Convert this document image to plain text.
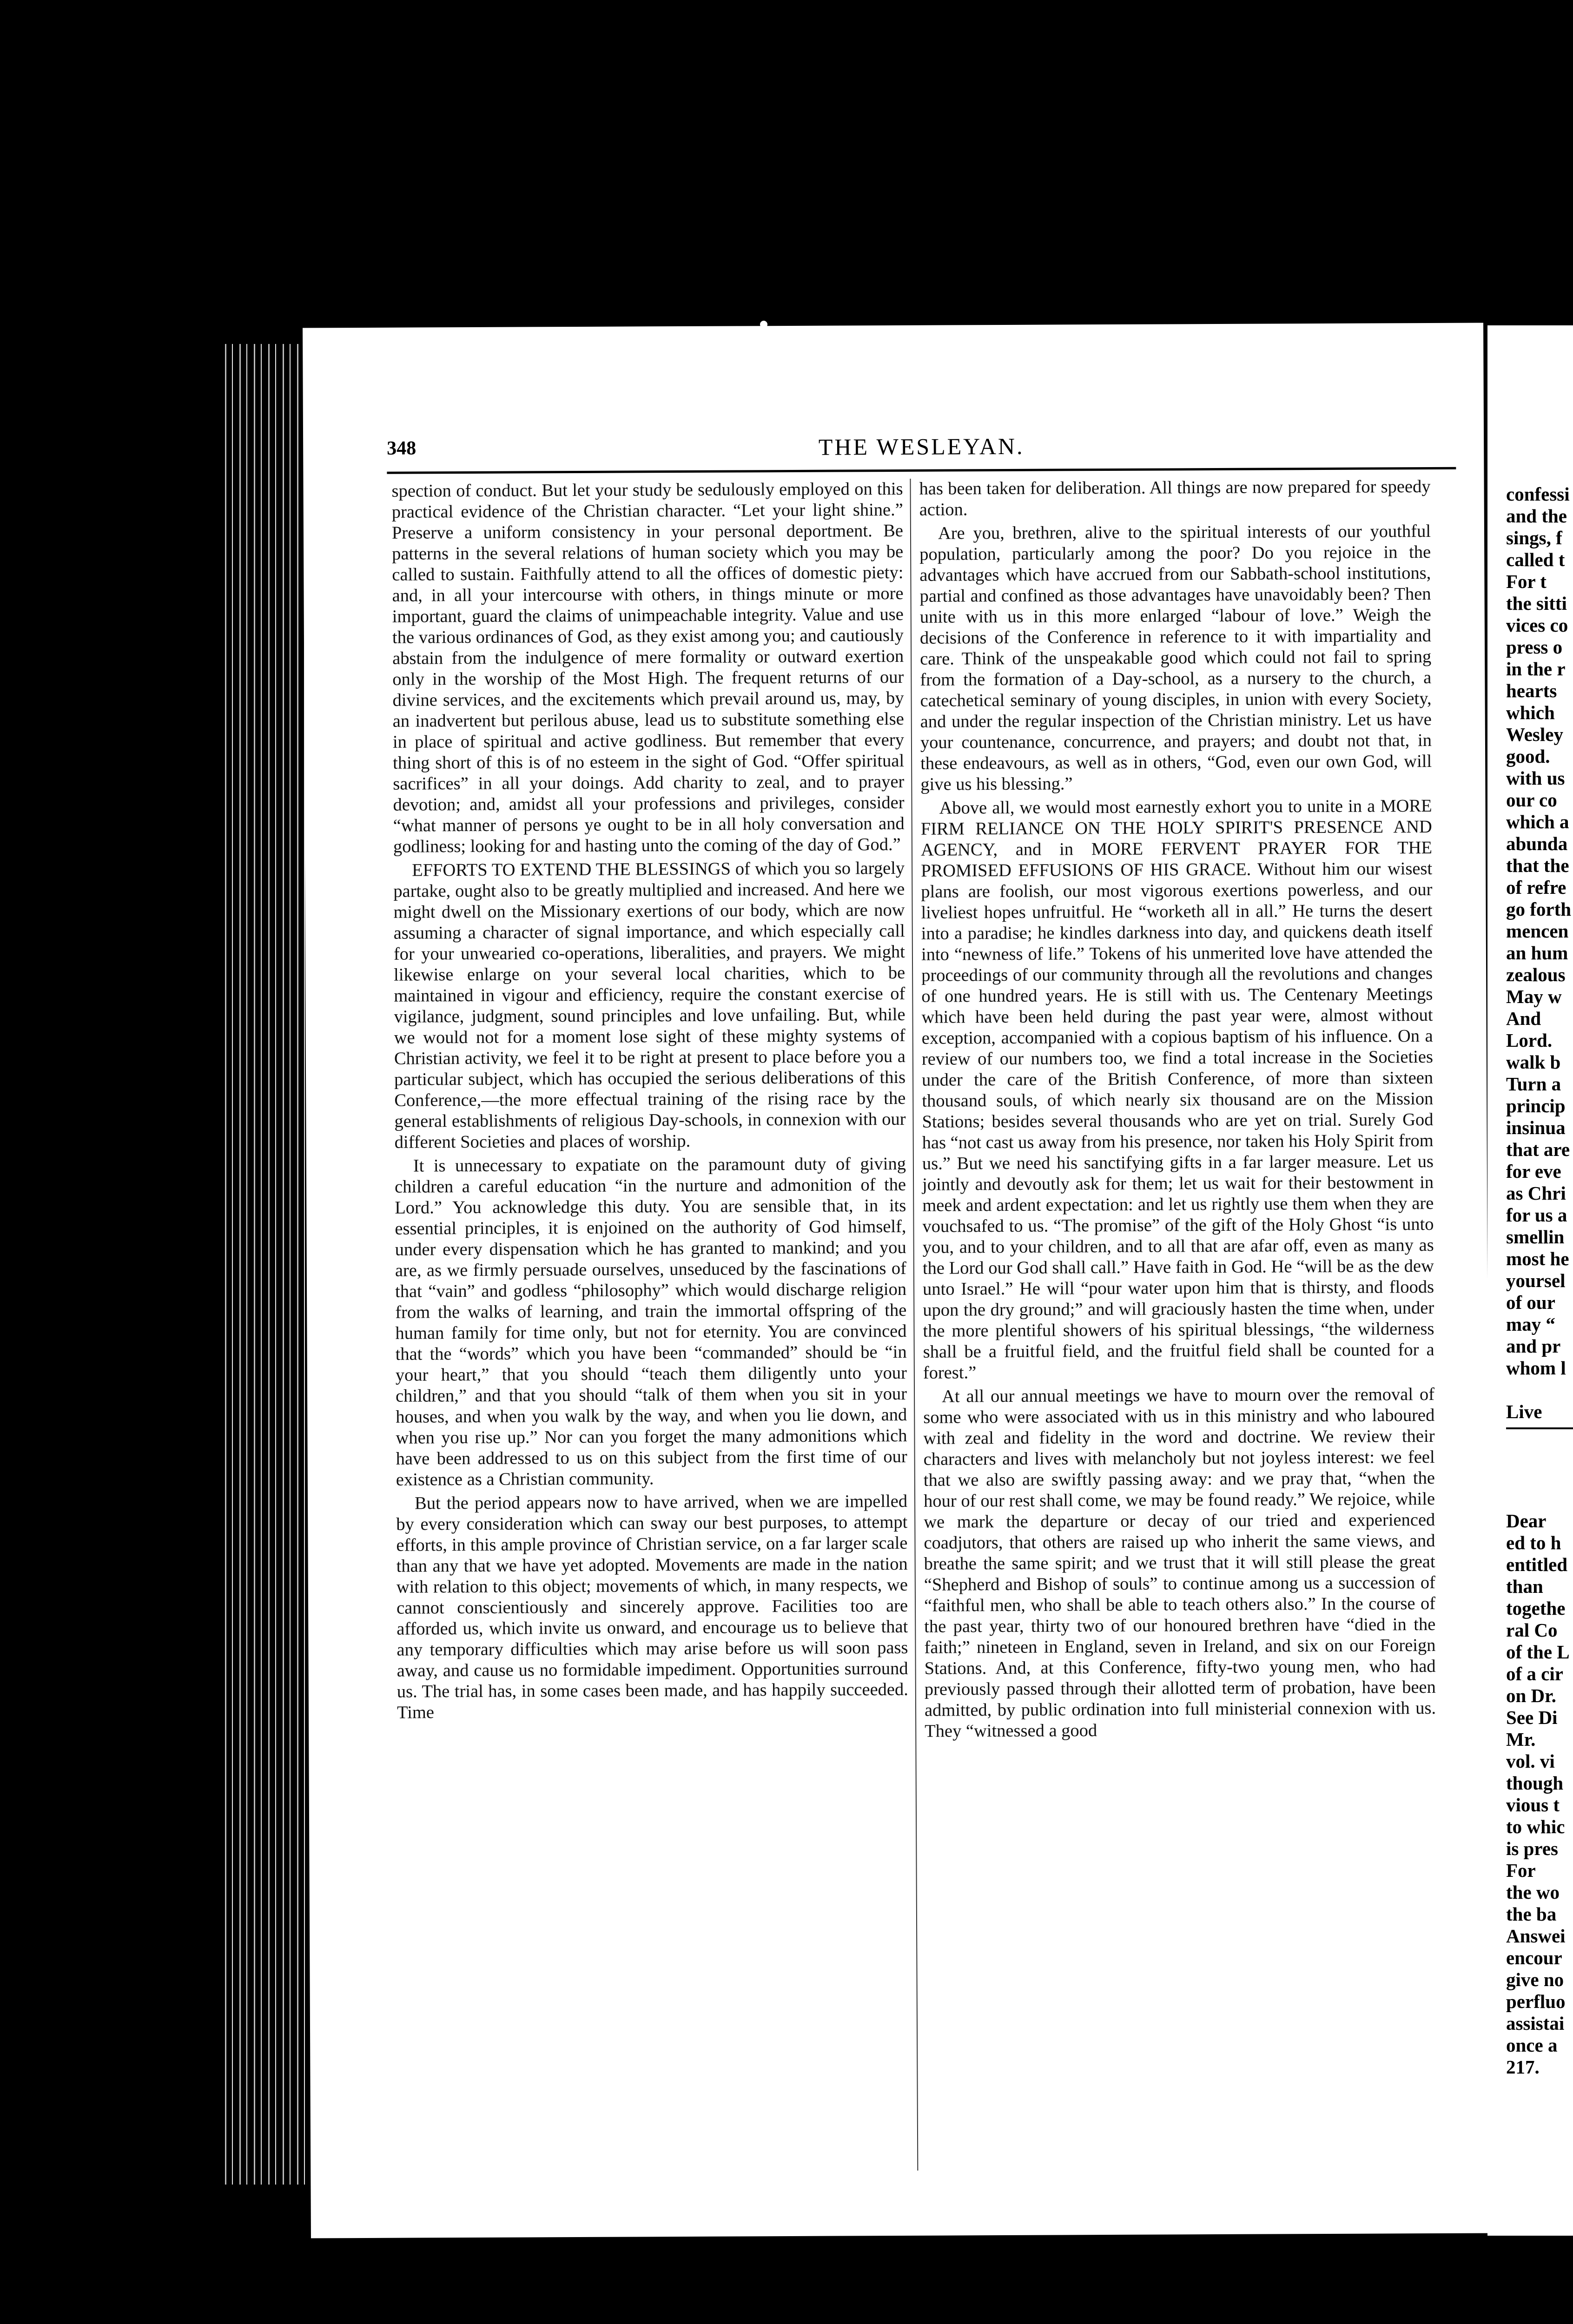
348	THE WESLEYAN.

spection of conduct. But let your study be sedulously employed on this practical evidence of the Christian character. “Let your light shine.” Preserve a uniform consistency in your personal deportment. Be patterns in the several relations of human society which you may be called to sustain. Faithfully attend to all the offices of domestic piety: and, in all your intercourse with others, in things minute or more important, guard the claims of unimpeachable integrity. Value and use the various ordinances of God, as they exist among you; and cautiously abstain from the indulgence of mere formality or outward exertion only in the worship of the Most High. The frequent returns of our divine services, and the excitements which prevail around us, may, by an inadvertent but perilous abuse, lead us to substitute something else in place of spiritual and active godliness. But remember that every thing short of this is of no esteem in the sight of God. “Offer spiritual sacrifices” in all your doings. Add charity to zeal, and to prayer devotion; and, amidst all your professions and privileges, consider “what manner of persons ye ought to be in all holy conversation and godliness; looking for and hasting unto the coming of the day of God.”

EFFORTS TO EXTEND THE BLESSINGS of which you so largely partake, ought also to be greatly multiplied and increased. And here we might dwell on the Missionary exertions of our body, which are now assuming a character of signal importance, and which especially call for your unwearied co-operations, liberalities, and prayers. We might likewise enlarge on your several local charities, which to be maintained in vigour and efficiency, require the constant exercise of vigilance, judgment, sound principles and love unfailing. But, while we would not for a moment lose sight of these mighty systems of Christian activity, we feel it to be right at present to place before you a particular subject, which has occupied the serious deliberations of this Conference,—the more effectual training of the rising race by the general establishments of religious Day-schools, in connexion with our different Societies and places of worship.

It is unnecessary to expatiate on the paramount duty of giving children a careful education “in the nurture and admonition of the Lord.” You acknowledge this duty. You are sensible that, in its essential principles, it is enjoined on the authority of God himself, under every dispensation which he has granted to mankind; and you are, as we firmly persuade ourselves, unseduced by the fascinations of that “vain” and godless “philosophy” which would discharge religion from the walks of learning, and train the immortal offspring of the human family for time only, but not for eternity. You are convinced that the “words” which you have been “commanded” should be “in your heart,” that you should “teach them diligently unto your children,” and that you should “talk of them when you sit in your houses, and when you walk by the way, and when you lie down, and when you rise up.” Nor can you forget the many admonitions which have been addressed to us on this subject from the first time of our existence as a Christian community.

But the period appears now to have arrived, when we are impelled by every consideration which can sway our best purposes, to attempt efforts, in this ample province of Christian service, on a far larger scale than any that we have yet adopted. Movements are made in the nation with relation to this object; movements of which, in many respects, we cannot conscientiously and sincerely approve. Facilities too are afforded us, which invite us onward, and encourage us to believe that any temporary difficulties which may arise before us will soon pass away, and cause us no formidable impediment. Opportunities surround us. The trial has, in some cases been made, and has happily succeeded. Time

has been taken for deliberation. All things are now prepared for speedy action.

Are you, brethren, alive to the spiritual interests of our youthful population, particularly among the poor? Do you rejoice in the advantages which have accrued from our Sabbath-school institutions, partial and confined as those advantages have unavoidably been? Then unite with us in this more enlarged “labour of love.” Weigh the decisions of the Conference in reference to it with impartiality and care. Think of the unspeakable good which could not fail to spring from the formation of a Day-school, as a nursery to the church, a catechetical seminary of young disciples, in union with every Society, and under the regular inspection of the Christian ministry. Let us have your countenance, concurrence, and prayers; and doubt not that, in these endeavours, as well as in others, “God, even our own God, will give us his blessing.”

Above all, we would most earnestly exhort you to unite in a MORE FIRM RELIANCE ON THE HOLY SPIRIT'S PRESENCE AND AGENCY, and in MORE FERVENT PRAYER FOR THE PROMISED EFFUSIONS OF HIS GRACE. Without him our wisest plans are foolish, our most vigorous exertions powerless, and our liveliest hopes unfruitful. He “worketh all in all.” He turns the desert into a paradise; he kindles darkness into day, and quickens death itself into “newness of life.” Tokens of his unmerited love have attended the proceedings of our community through all the revolutions and changes of one hundred years. He is still with us. The Centenary Meetings which have been held during the past year were, almost without exception, accompanied with a copious baptism of his influence. On a review of our numbers too, we find a total increase in the Societies under the care of the British Conference, of more than sixteen thousand souls, of which nearly six thousand are on the Mission Stations; besides several thousands who are yet on trial. Surely God has “not cast us away from his presence, nor taken his Holy Spirit from us.” But we need his sanctifying gifts in a far larger measure. Let us jointly and devoutly ask for them; let us wait for their bestowment in meek and ardent expectation: and let us rightly use them when they are vouchsafed to us. “The promise” of the gift of the Holy Ghost “is unto you, and to your children, and to all that are afar off, even as many as the Lord our God shall call.” Have faith in God. He “will be as the dew unto Israel.” He will “pour water upon him that is thirsty, and floods upon the dry ground;” and will graciously hasten the time when, under the more plentiful showers of his spiritual blessings, “the wilderness shall be a fruitful field, and the fruitful field shall be counted for a forest.”

At all our annual meetings we have to mourn over the removal of some who were associated with us in this ministry and who laboured with zeal and fidelity in the word and doctrine. We review their characters and lives with melancholy but not joyless interest: we feel that we also are swiftly passing away: and we pray that, “when the hour of our rest shall come, we may be found ready.” We rejoice, while we mark the departure or decay of our tried and experienced coadjutors, that others are raised up who inherit the same views, and breathe the same spirit; and we trust that it will still please the great “Shepherd and Bishop of souls” to continue among us a succession of “faithful men, who shall be able to teach others also.” In the course of the past year, thirty two of our honoured brethren have “died in the faith;” nineteen in England, seven in Ireland, and six on our Foreign Stations. And, at this Conference, fifty-two young men, who had previously passed through their allotted term of probation, have been admitted, by public ordination into full ministerial connexion with us. They “witnessed a good

confessi
and the
sings, f
called t
For t
the sitti
vices co
press o
in the r
hearts
which
Wesley
good.
with us
our co
which a
abunda
that the
of refre
go forth
mencen
an hum
zealous
May w
And
Lord.
walk b
Turn a
princip
insinua
that are
for eve
as Chri
for us a
smellin
most he
yoursel
of our
may “
and pr
whom l
Live
Dear
ed to h
entitled
than
togethe
ral Co
of the L
of a cir
on Dr.
See Di
Mr.
vol. vi
though
vious t
to whic
is pres
For
the wo
the ba
Answei
encour
give no
perfluo
assistai
once a
217.
